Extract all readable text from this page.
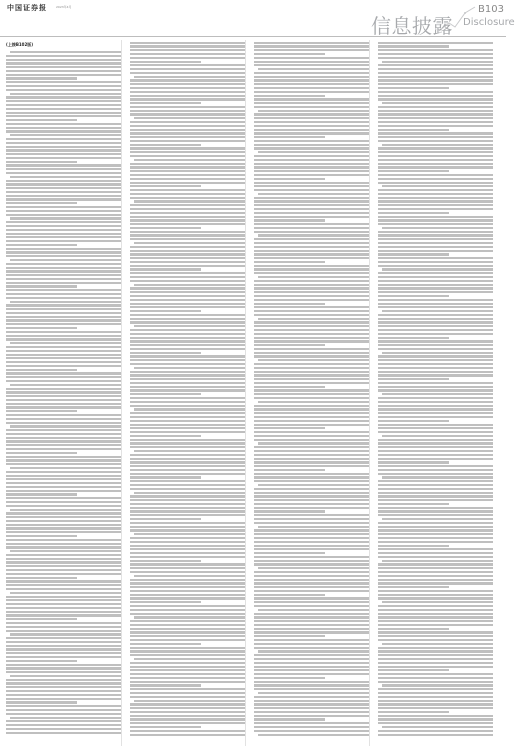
中国证券报	2023年4月
信息披露
B103
Disclosure
(上接B102版)
